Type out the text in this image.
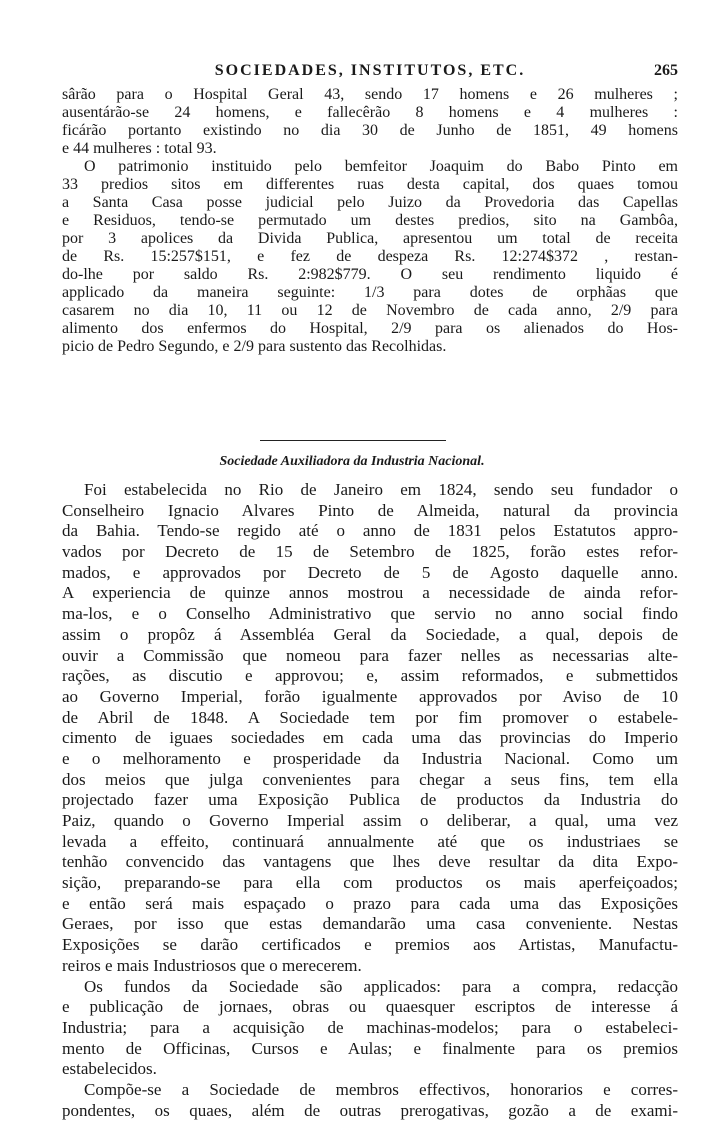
SOCIEDADES, INSTITUTOS, ETC.	265
sârão para o Hospital Geral 43, sendo 17 homens e 26 mulheres ;
ausentárão-se 24 homens, e fallecêrão 8 homens e 4 mulheres :
ficárão portanto existindo no dia 30 de Junho de 1851, 49 homens
e 44 mulheres : total 93.
O patrimonio instituido pelo bemfeitor Joaquim do Babo Pinto em
33 predios sitos em differentes ruas desta capital, dos quaes tomou
a Santa Casa posse judicial pelo Juizo da Provedoria das Capellas
e Residuos, tendo-se permutado um destes predios, sito na Gambôa,
por 3 apolices da Divida Publica, apresentou um total de receita
de Rs. 15:257$151, e fez de despeza Rs. 12:274$372 , restan-
do-lhe por saldo Rs. 2:982$779. O seu rendimento liquido é
applicado da maneira seguinte: 1/3 para dotes de orphãas que
casarem no dia 10, 11 ou 12 de Novembro de cada anno, 2/9 para
alimento dos enfermos do Hospital, 2/9 para os alienados do Hos-
picio de Pedro Segundo, e 2/9 para sustento das Recolhidas.
Sociedade Auxiliadora da Industria Nacional.
Foi estabelecida no Rio de Janeiro em 1824, sendo seu fundador o
Conselheiro Ignacio Alvares Pinto de Almeida, natural da provincia
da Bahia. Tendo-se regido até o anno de 1831 pelos Estatutos appro-
vados por Decreto de 15 de Setembro de 1825, forão estes refor-
mados, e approvados por Decreto de 5 de Agosto daquelle anno.
A experiencia de quinze annos mostrou a necessidade de ainda refor-
ma-los, e o Conselho Administrativo que servio no anno social findo
assim o propôz á Assembléa Geral da Sociedade, a qual, depois de
ouvir a Commissão que nomeou para fazer nelles as necessarias alte-
rações, as discutio e approvou; e, assim reformados, e submettidos
ao Governo Imperial, forão igualmente approvados por Aviso de 10
de Abril de 1848. A Sociedade tem por fim promover o estabele-
cimento de iguaes sociedades em cada uma das provincias do Imperio
e o melhoramento e prosperidade da Industria Nacional. Como um
dos meios que julga convenientes para chegar a seus fins, tem ella
projectado fazer uma Exposição Publica de productos da Industria do
Paiz, quando o Governo Imperial assim o deliberar, a qual, uma vez
levada a effeito, continuará annualmente até que os industriaes se
tenhão convencido das vantagens que lhes deve resultar da dita Expo-
sição, preparando-se para ella com productos os mais aperfeiçoados;
e então será mais espaçado o prazo para cada uma das Exposições
Geraes, por isso que estas demandarão uma casa conveniente. Nestas
Exposições se darão certificados e premios aos Artistas, Manufactu-
reiros e mais Industriosos que o merecerem.
Os fundos da Sociedade são applicados: para a compra, redacção
e publicação de jornaes, obras ou quaesquer escriptos de interesse á
Industria; para a acquisição de machinas-modelos; para o estabeleci-
mento de Officinas, Cursos e Aulas; e finalmente para os premios
estabelecidos.
Compõe-se a Sociedade de membros effectivos, honorarios e corres-
pondentes, os quaes, além de outras prerogativas, gozão a de exami-
